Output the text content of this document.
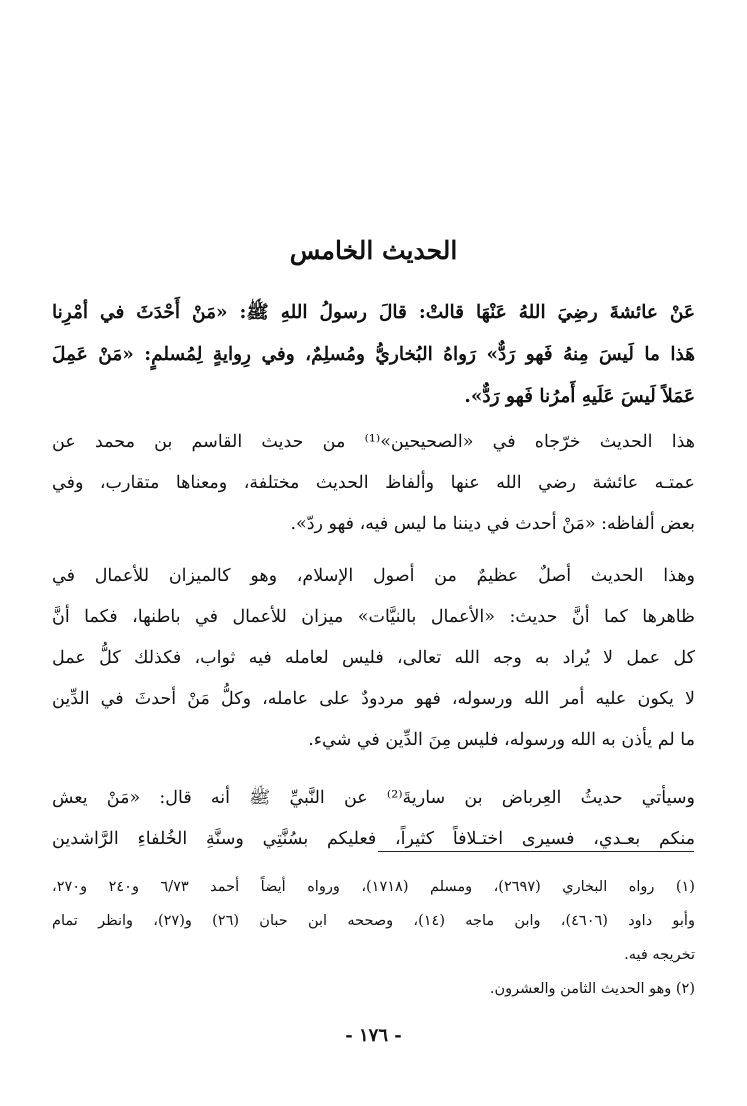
الحديث الخامس
عَنْ عائشةَ رضِيَ اللهُ عَنْهَا قالتْ: قالَ رسولُ اللهِ ﷺ: «مَنْ أَحْدَثَ في أمْرِنا
هَذا ما لَيسَ مِنهُ فَهو رَدٌّ» رَواهُ البُخاريُّ ومُسلِمٌ، وفي رِوايةٍ لِمُسلمٍ: «مَنْ عَمِلَ
عَمَلاً لَيسَ عَلَيهِ أَمرُنا فَهو رَدٌّ».
هذا الحديث خرّجاه في «الصحيحين»⁽¹⁾ من حديث القاسم بن محمد عن
عمتـه عائشة رضي الله عنها وألفاظ الحديث مختلفة، ومعناها متقارب، وفي
بعض ألفاظه: «مَنْ أحدث في ديننا ما ليس فيه، فهو ردّ».
وهذا الحديث أصلٌ عظيمٌ من أصول الإسلام، وهو كالميزان للأعمال في
ظاهرها كما أنَّ حديث: «الأعمال بالنيَّات» ميزان للأعمال في باطنها، فكما أنَّ
كل عمل لا يُراد به وجه الله تعالى، فليس لعامله فيه ثواب، فكذلك كلُّ عمل
لا يكون عليه أمر الله ورسوله، فهو مردودٌ على عامله، وكلُّ مَنْ أحدثَ في الدِّين
ما لم يأذن به الله ورسوله، فليس مِنَ الدِّين في شيء.
وسيأتي حديثُ العِرباض بن ساريةَ⁽²⁾ عن النَّبيِّ ﷺ أنه قال: «مَنْ يعش
منكم بعـدي، فسيرى اختـلافاً كثيراً، فعليكم بسُنَّتِي وسنَّةِ الخُلفاءِ الرَّاشدين
(١) رواه البخاري (٢٦٩٧)، ومسلم (١٧١٨)، ورواه أيضاً أحمد ٦/٧٣ و٢٤٠ و٢٧٠،
وأبو داود (٤٦٠٦)، وابن ماجه (١٤)، وصححه ابن حبان (٢٦) و(٢٧)، وانظر تمام
تخريجه فيه.
(٢) وهو الحديث الثامن والعشرون.
- ١٧٦ -
